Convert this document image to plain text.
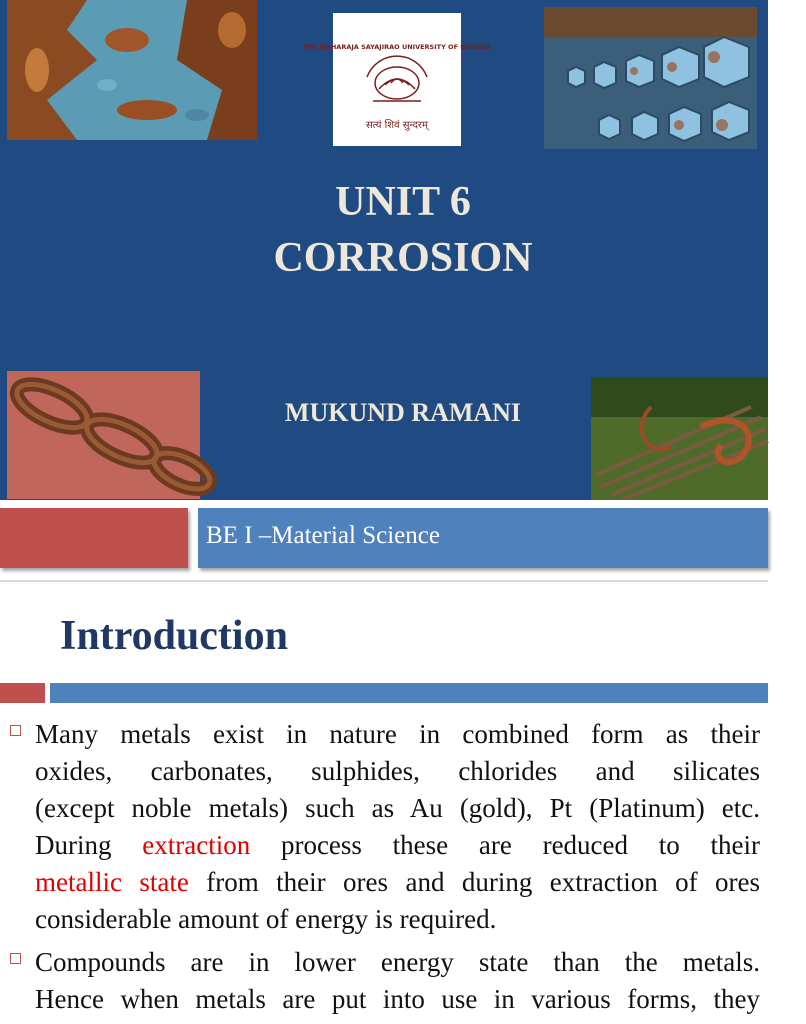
THE MAHARAJA SAYAJIRAO UNIVERSITY OF BARODA
सत्यं शिवं सुन्दरम्
UNIT 6
CORROSION
MUKUND RAMANI
BE I –Material Science
Introduction
Many metals exist in nature in combined form as their
oxides, carbonates, sulphides, chlorides and silicates
(except noble metals) such as Au (gold), Pt (Platinum) etc.
During extraction process these are reduced to their
metallic state from their ores and during extraction of ores
considerable amount of energy is required.
Compounds are in lower energy state than the metals.
Hence when metals are put into use in various forms, they
